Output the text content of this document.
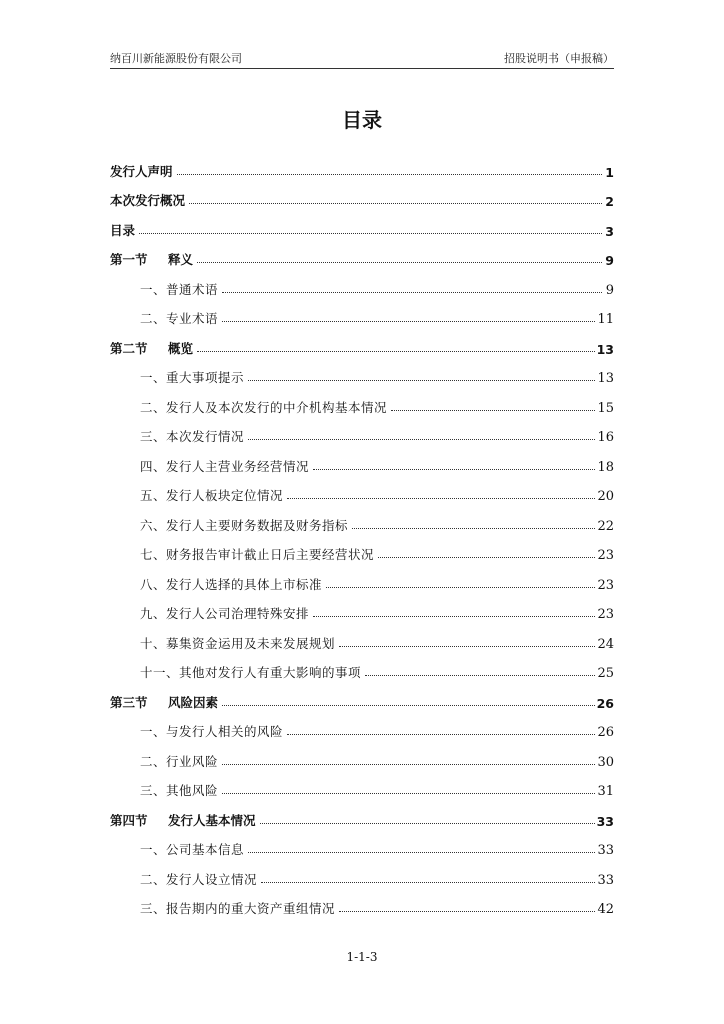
纳百川新能源股份有限公司	招股说明书（申报稿）
目录
发行人声明	1
本次发行概况	2
目录	3
第一节 释义	9
一、普通术语	9
二、专业术语	11
第二节 概览	13
一、重大事项提示	13
二、发行人及本次发行的中介机构基本情况	15
三、本次发行情况	16
四、发行人主营业务经营情况	18
五、发行人板块定位情况	20
六、发行人主要财务数据及财务指标	22
七、财务报告审计截止日后主要经营状况	23
八、发行人选择的具体上市标准	23
九、发行人公司治理特殊安排	23
十、募集资金运用及未来发展规划	24
十一、其他对发行人有重大影响的事项	25
第三节 风险因素	26
一、与发行人相关的风险	26
二、行业风险	30
三、其他风险	31
第四节 发行人基本情况	33
一、公司基本信息	33
二、发行人设立情况	33
三、报告期内的重大资产重组情况	42
1-1-3
